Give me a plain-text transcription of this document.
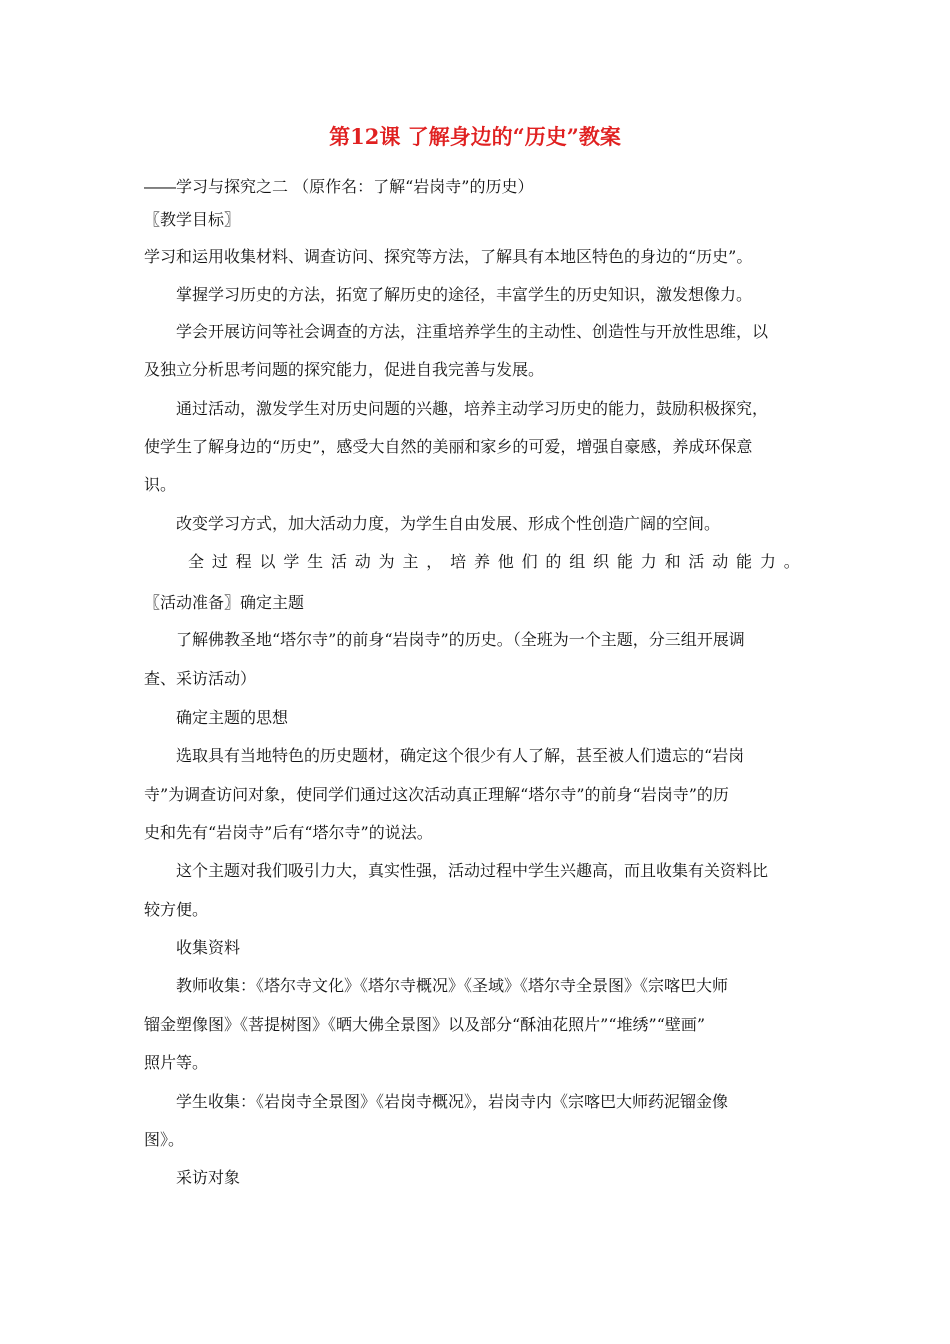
第12课 了解身边的“历史”教案
――学习与探究之二 （原作名：了解“岩岗寺”的历史）
〖教学目标〗
学习和运用收集材料、调查访问、探究等方法，了解具有本地区特色的身边的“历史”。
掌握学习历史的方法，拓宽了解历史的途径，丰富学生的历史知识，激发想像力。
学会开展访问等社会调查的方法，注重培养学生的主动性、创造性与开放性思维，以
及独立分析思考问题的探究能力，促进自我完善与发展。
通过活动，激发学生对历史问题的兴趣，培养主动学习历史的能力，鼓励积极探究，
使学生了解身边的“历史”，感受大自然的美丽和家乡的可爱，增强自豪感，养成环保意
识。
改变学习方式，加大活动力度，为学生自由发展、形成个性创造广阔的空间。
全 过 程 以 学 生 活 动 为 主 ， 培 养 他 们 的 组 织 能 力 和 活 动 能 力 。
〖活动准备〗确定主题
了解佛教圣地“塔尔寺”的前身“岩岗寺”的历史。（全班为一个主题，分三组开展调
查、采访活动）
确定主题的思想
选取具有当地特色的历史题材，确定这个很少有人了解，甚至被人们遗忘的“岩岗
寺”为调查访问对象，使同学们通过这次活动真正理解“塔尔寺”的前身“岩岗寺”的历
史和先有“岩岗寺”后有“塔尔寺”的说法。
这个主题对我们吸引力大，真实性强，活动过程中学生兴趣高，而且收集有关资料比
较方便。
收集资料
教师收集：《塔尔寺文化》《塔尔寺概况》《圣域》《塔尔寺全景图》《宗喀巴大师
镏金塑像图》《菩提树图》《晒大佛全景图》以及部分“酥油花照片”“堆绣”“壁画”
照片等。
学生收集：《岩岗寺全景图》《岩岗寺概况》，岩岗寺内《宗喀巴大师药泥镏金像
图》。
采访对象
